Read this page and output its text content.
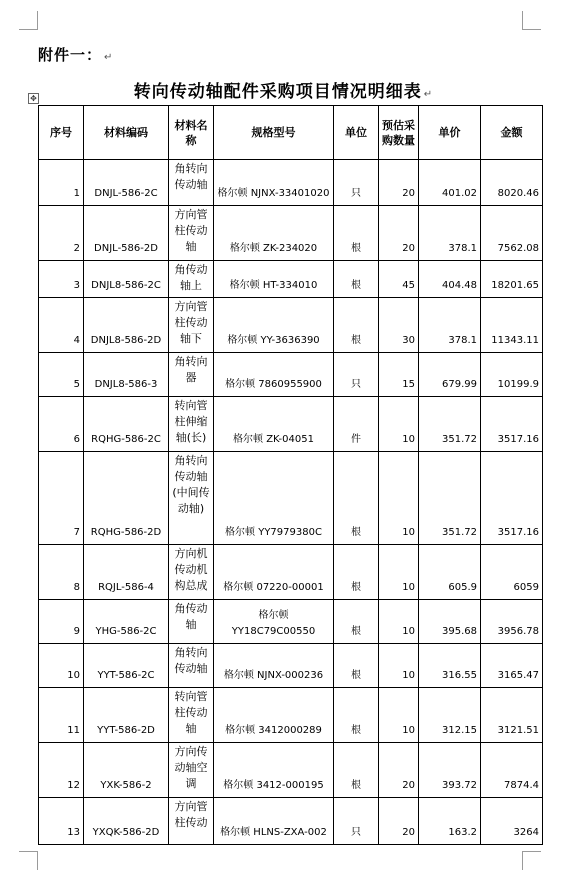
附件一： ↵
转向传动轴配件采购项目情况明细表 ↵
✥
序号	材料编码	材料名称	规格型号	单位	预估采购数量	单价	金额
1	DNJL-586-2C	角转向传动轴	格尔顿 NJNX-33401020	只	20	401.02	8020.46
2	DNJL-586-2D	方向管柱传动轴	格尔顿 ZK-234020	根	20	378.1	7562.08
3	DNJL8-586-2C	角传动轴上	格尔顿 HT-334010	根	45	404.48	18201.65
4	DNJL8-586-2D	方向管柱传动轴下	格尔顿 YY-3636390	根	30	378.1	11343.11
5	DNJL8-586-3	角转向器	格尔顿 7860955900	只	15	679.99	10199.9
6	RQHG-586-2C	转向管柱伸缩轴(长)	格尔顿 ZK-04051	件	10	351.72	3517.16
7	RQHG-586-2D	角转向传动轴(中间传动轴)	格尔顿 YY7979380C	根	10	351.72	3517.16
8	RQJL-586-4	方向机传动机构总成	格尔顿 07220-00001	根	10	605.9	6059
9	YHG-586-2C	角传动轴	格尔顿 YY18C79C00550	根	10	395.68	3956.78
10	YYT-586-2C	角转向传动轴	格尔顿 NJNX-000236	根	10	316.55	3165.47
11	YYT-586-2D	转向管柱传动轴	格尔顿 3412000289	根	10	312.15	3121.51
12	YXK-586-2	方向传动轴空调	格尔顿 3412-000195	根	20	393.72	7874.4
13	YXQK-586-2D	方向管柱传动	格尔顿 HLNS-ZXA-002	只	20	163.2	3264
